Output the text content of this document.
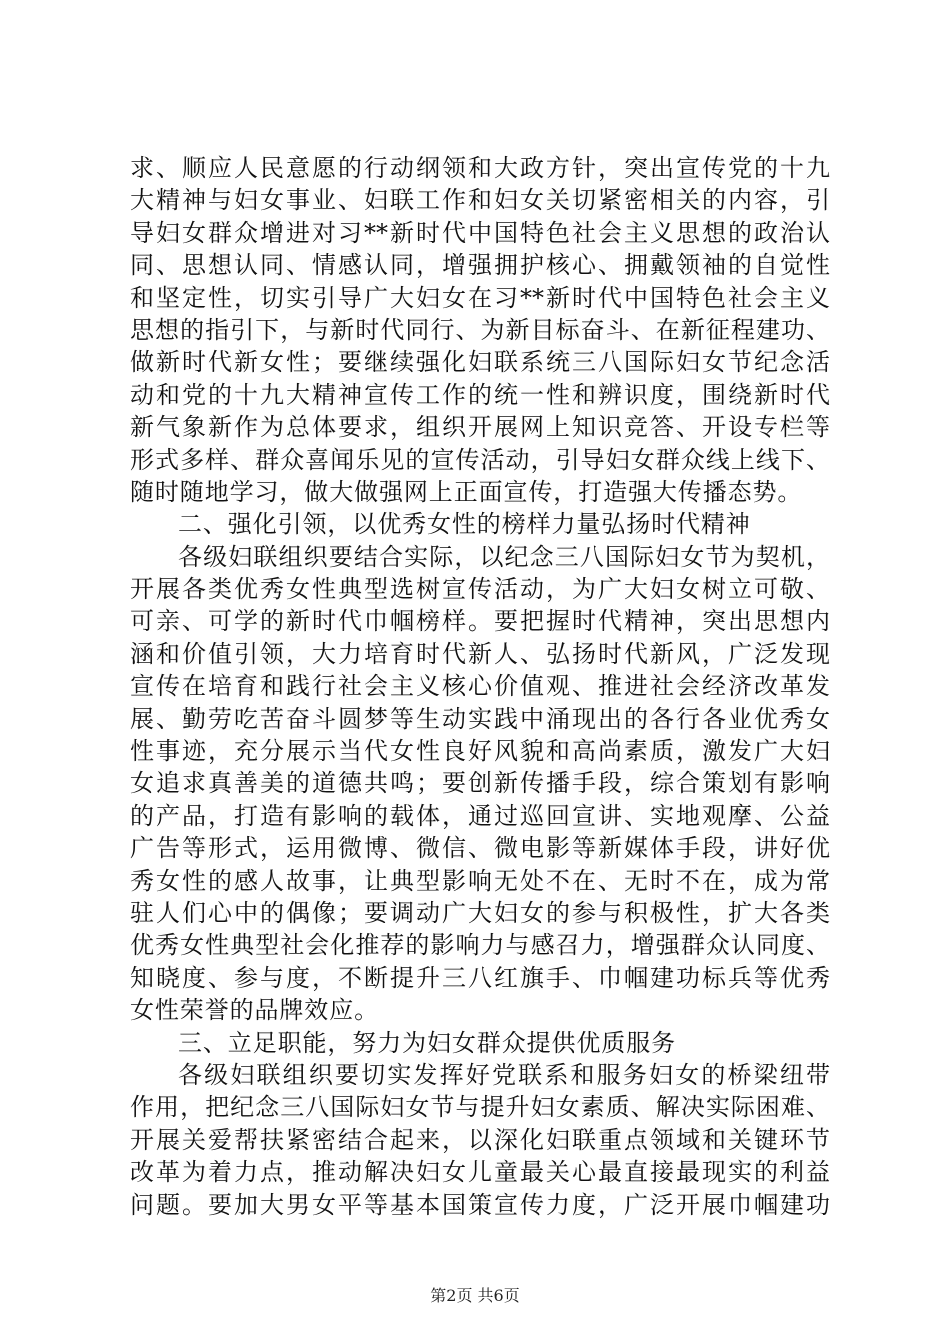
求、顺应人民意愿的行动纲领和大政方针，突出宣传党的十九
大精神与妇女事业、妇联工作和妇女关切紧密相关的内容，引
导妇女群众增进对习**新时代中国特色社会主义思想的政治认
同、思想认同、情感认同，增强拥护核心、拥戴领袖的自觉性
和坚定性，切实引导广大妇女在习**新时代中国特色社会主义
思想的指引下，与新时代同行、为新目标奋斗、在新征程建功、
做新时代新女性；要继续强化妇联系统三八国际妇女节纪念活
动和党的十九大精神宣传工作的统一性和辨识度，围绕新时代
新气象新作为总体要求，组织开展网上知识竞答、开设专栏等
形式多样、群众喜闻乐见的宣传活动，引导妇女群众线上线下、
随时随地学习，做大做强网上正面宣传，打造强大传播态势。
二、强化引领，以优秀女性的榜样力量弘扬时代精神
各级妇联组织要结合实际，以纪念三八国际妇女节为契机，
开展各类优秀女性典型选树宣传活动，为广大妇女树立可敬、
可亲、可学的新时代巾帼榜样。要把握时代精神，突出思想内
涵和价值引领，大力培育时代新人、弘扬时代新风，广泛发现
宣传在培育和践行社会主义核心价值观、推进社会经济改革发
展、勤劳吃苦奋斗圆梦等生动实践中涌现出的各行各业优秀女
性事迹，充分展示当代女性良好风貌和高尚素质，激发广大妇
女追求真善美的道德共鸣；要创新传播手段，综合策划有影响
的产品，打造有影响的载体，通过巡回宣讲、实地观摩、公益
广告等形式，运用微博、微信、微电影等新媒体手段，讲好优
秀女性的感人故事，让典型影响无处不在、无时不在，成为常
驻人们心中的偶像；要调动广大妇女的参与积极性，扩大各类
优秀女性典型社会化推荐的影响力与感召力，增强群众认同度、
知晓度、参与度，不断提升三八红旗手、巾帼建功标兵等优秀
女性荣誉的品牌效应。
三、立足职能，努力为妇女群众提供优质服务
各级妇联组织要切实发挥好党联系和服务妇女的桥梁纽带
作用，把纪念三八国际妇女节与提升妇女素质、解决实际困难、
开展关爱帮扶紧密结合起来，以深化妇联重点领域和关键环节
改革为着力点，推动解决妇女儿童最关心最直接最现实的利益
问题。要加大男女平等基本国策宣传力度，广泛开展巾帼建功
第2页 共6页
